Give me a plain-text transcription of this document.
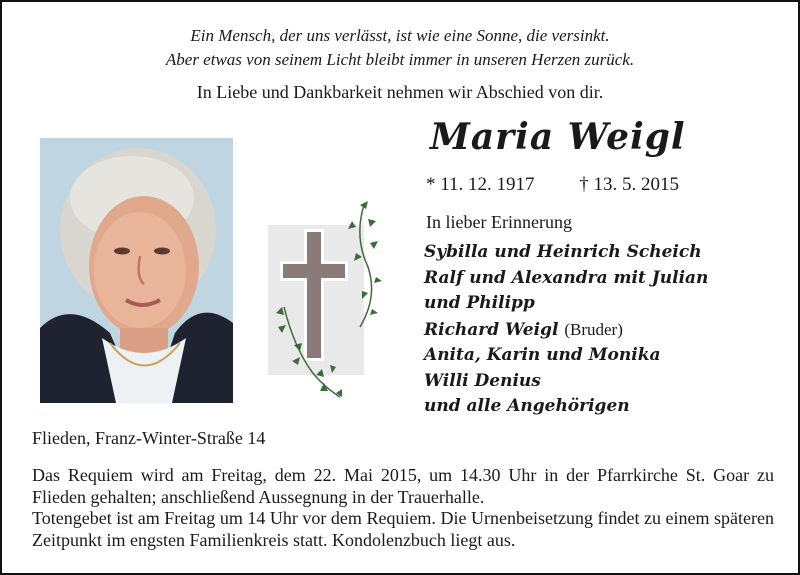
Ein Mensch, der uns verlässt, ist wie eine Sonne, die versinkt.
Aber etwas von seinem Licht bleibt immer in unseren Herzen zurück.
In Liebe und Dankbarkeit nehmen wir Abschied von dir.
Maria Weigl
* 11. 12. 1917 † 13. 5. 2015
In lieber Erinnerung
Sybilla und Heinrich Scheich
Ralf und Alexandra mit Julian
und Philipp
Richard Weigl (Bruder)
Anita, Karin und Monika
Willi Denius
und alle Angehörigen
Flieden, Franz-Winter-Straße 14

Das Requiem wird am Freitag, dem 22. Mai 2015, um 14.30 Uhr in der Pfarrkirche St. Goar zu Flieden gehalten; anschließend Aussegnung in der Trauerhalle.

Totengebet ist am Freitag um 14 Uhr vor dem Requiem. Die Urnenbeisetzung findet zu einem späteren Zeitpunkt im engsten Familienkreis statt. Kondolenzbuch liegt aus.
